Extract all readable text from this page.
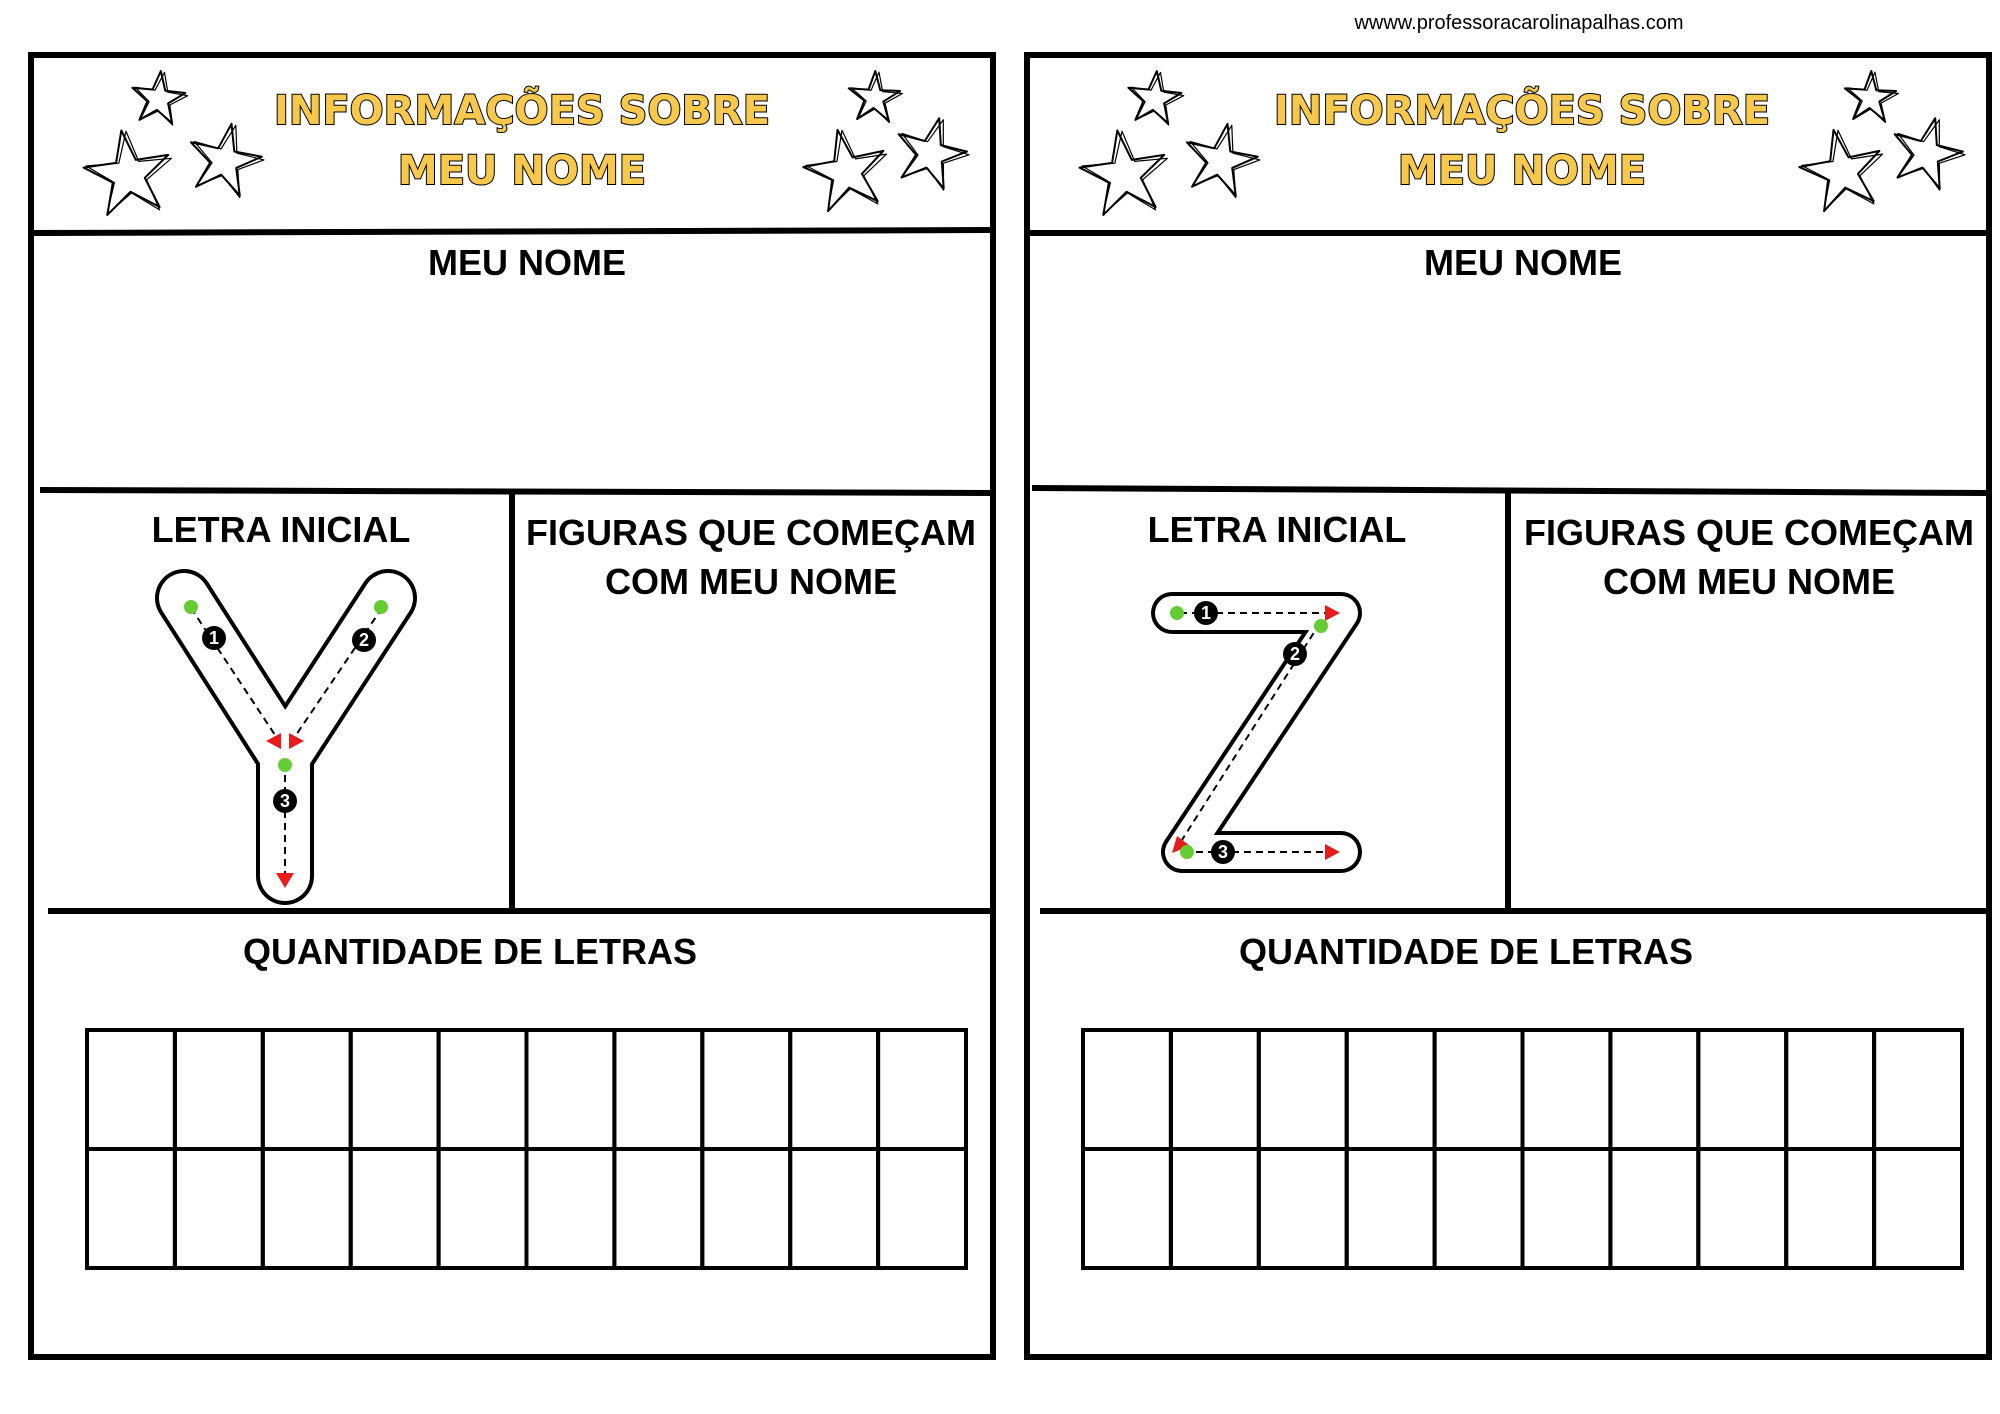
wwww.professoracarolinapalhas.com
INFORMAÇÕES SOBRE
MEU NOME
MEU NOME
LETRA INICIAL	FIGURAS QUE COMEÇAM
COM MEU NOME
1	2
3
QUANTIDADE DE LETRAS
INFORMAÇÕES SOBRE
MEU NOME
MEU NOME
LETRA INICIAL	FIGURAS QUE COMEÇAM
COM MEU NOME
1
2
3
QUANTIDADE DE LETRAS
